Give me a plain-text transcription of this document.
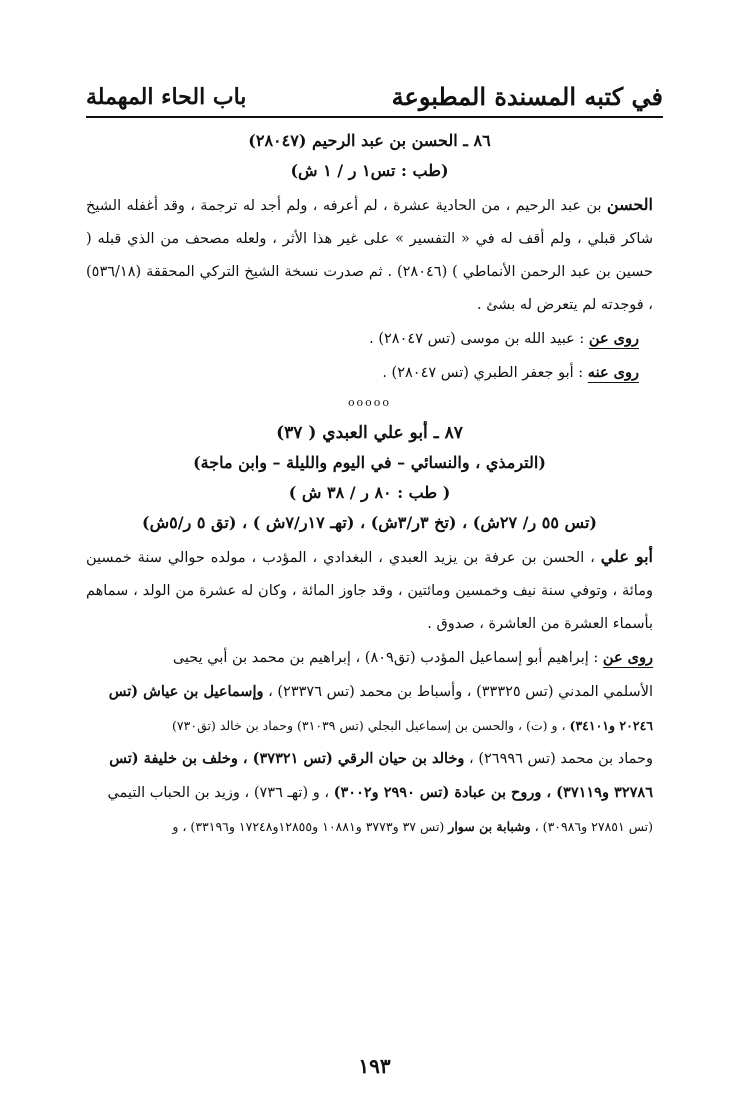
في كتبه المسندة المطبوعة
باب الحاء المهملة
٨٦ ـ الحسن بن عبد الرحيم (٢٨٠٤٧)
(طب : تس١ ر / ١ ش)

الحسن بن عبد الرحيم ، من الحادية عشرة ، لم أعرفه ، ولم أجد له ترجمة ، وقد أغفله الشيخ شاكر قبلي ، ولم أقف له في « التفسير » على غير هذا الأثر ، ولعله مصحف من الذي قبله ( حسين بن عبد الرحمن الأنماطي ) (٢٨٠٤٦) . ثم صدرت نسخة الشيخ التركي المحققة (٥٣٦/١٨) ، فوجدته لم يتعرض له بشئ .

روى عن : عبيد الله بن موسى (تس ٢٨٠٤٧) .
روى عنه : أبو جعفر الطبري (تس ٢٨٠٤٧) .
ooooo
٨٧ ـ أبو علي العبدي ( ٣٧)
(الترمذي ، والنسائي – في اليوم والليلة – وابن ماجة)
( طب : ٨٠ ر / ٣٨ ش )
(تس ٥٥ ر/ ٢٧ش) ، (تخ ٣ر/٣ش) ، (تهـ ١٧ر/٧ش ) ، (تق ٥ ر/٥ش)

أبو علي ، الحسن بن عرفة بن يزيد العبدي ، البغدادي ، المؤدب ، مولده حوالي سنة خمسين ومائة ، وتوفي سنة نيف وخمسين ومائتين ، وقد جاوز المائة ، وكان له عشرة من الولد ، سماهم بأسماء العشرة من العاشرة ، صدوق .

روى عن : إبراهيم أبو إسماعيل المؤدب (تق٨٠٩) ، إبراهيم بن محمد بن أبي يحيى
الأسلمي المدني (تس ٣٣٣٢٥) ، وأسباط بن محمد (تس ٢٣٣٧٦) ، وإسماعيل بن عياش (تس
٢٠٢٤٦ و٣٤١٠١) ، و (ت) ، والحسن بن إسماعيل البجلي (تس ٣١٠٣٩) وحماد بن خالد (تق٧٣٠)
وحماد بن محمد (تس ٢٦٩٩٦) ، وخالد بن حيان الرقي (تس ٣٧٣٢١) ، وخلف بن خليفة (تس
٣٢٧٨٦ و٣٧١١٩) ، وروح بن عبادة (تس ٢٩٩٠ و٣٠٠٢) ، و (تهـ ٧٣٦) ، وزيد بن الحباب التيمي
(تس ٢٧٨٥١ و٣٠٩٨٦) ، وشبابة بن سوار (تس ٣٧ و٣٧٧٣ و١٠٨٨١ و١٢٨٥٥و١٧٢٤٨ و٣٣١٩٦) ، و
١٩٣
